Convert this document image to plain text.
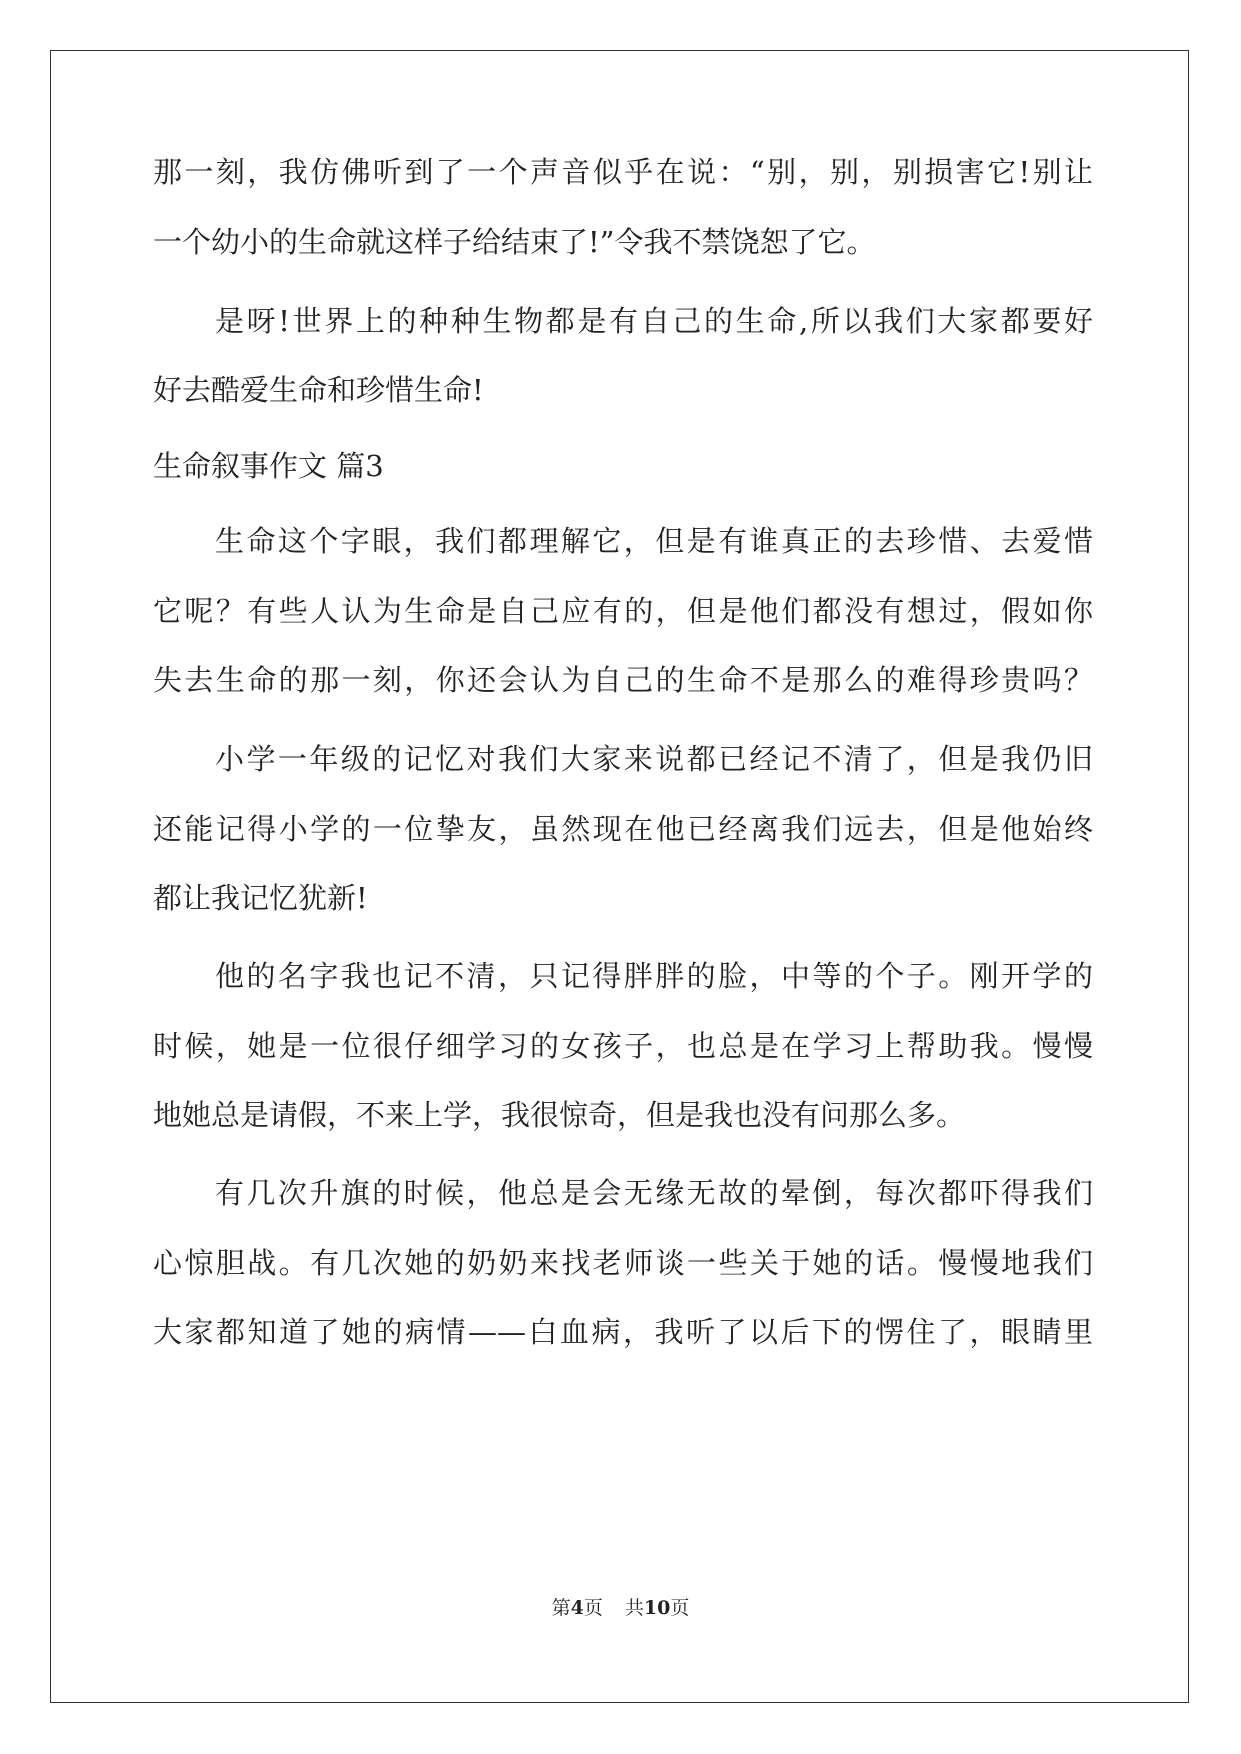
那一刻，我仿佛听到了一个声音似乎在说：“别，别，别损害它!别让
一个幼小的生命就这样子给结束了!”令我不禁饶恕了它。
是呀!世界上的种种生物都是有自己的生命,所以我们大家都要好
好去酷爱生命和珍惜生命!
生命叙事作文 篇3
生命这个字眼，我们都理解它，但是有谁真正的去珍惜、去爱惜
它呢？有些人认为生命是自己应有的，但是他们都没有想过，假如你
失去生命的那一刻，你还会认为自己的生命不是那么的难得珍贵吗？
小学一年级的记忆对我们大家来说都已经记不清了，但是我仍旧
还能记得小学的一位挚友，虽然现在他已经离我们远去，但是他始终
都让我记忆犹新!
他的名字我也记不清，只记得胖胖的脸，中等的个子。刚开学的
时候，她是一位很仔细学习的女孩子，也总是在学习上帮助我。慢慢
地她总是请假，不来上学，我很惊奇，但是我也没有问那么多。
有几次升旗的时候，他总是会无缘无故的晕倒，每次都吓得我们
心惊胆战。有几次她的奶奶来找老师谈一些关于她的话。慢慢地我们
大家都知道了她的病情——白血病，我听了以后下的愣住了，眼睛里
第4页 共10页
